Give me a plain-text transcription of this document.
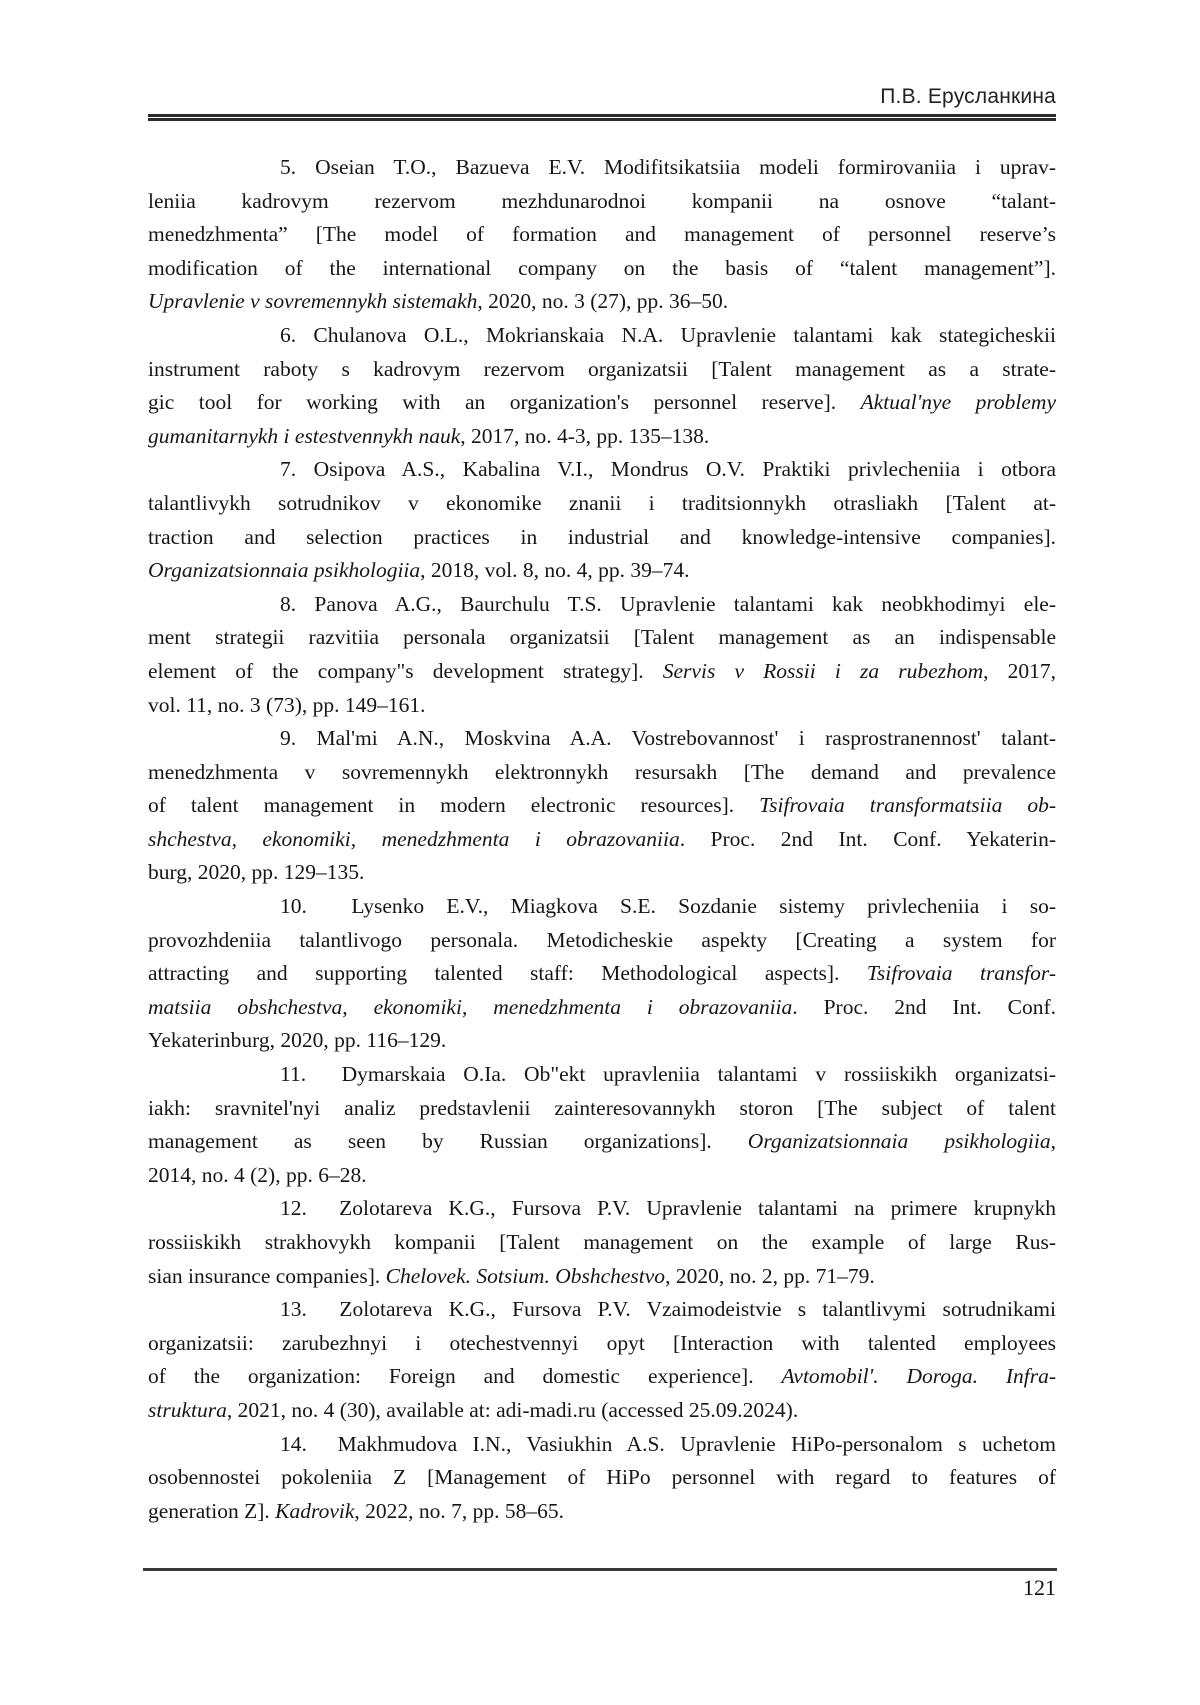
П.В. Ерусланкина
5. Oseian T.O., Bazueva E.V. Modifitsikatsiia modeli formirovaniia i uprav-
leniia kadrovym rezervom mezhdunarodnoi kompanii na osnove “talant-
menedzhmenta” [The model of formation and management of personnel reserve’s
modification of the international company on the basis of “talent management”].
Upravlenie v sovremennykh sistemakh, 2020, no. 3 (27), pp. 36–50.
6. Chulanova O.L., Mokrianskaia N.A. Upravlenie talantami kak stategicheskii
instrument raboty s kadrovym rezervom organizatsii [Talent management as a strate-
gic tool for working with an organization's personnel reserve]. Aktual'nye problemy
gumanitarnykh i estestvennykh nauk, 2017, no. 4-3, pp. 135–138.
7. Osipova A.S., Kabalina V.I., Mondrus O.V. Praktiki privlecheniia i otbora
talantlivykh sotrudnikov v ekonomike znanii i traditsionnykh otrasliakh [Talent at-
traction and selection practices in industrial and knowledge-intensive companies].
Organizatsionnaia psikhologiia, 2018, vol. 8, no. 4, pp. 39–74.
8. Panova A.G., Baurchulu T.S. Upravlenie talantami kak neobkhodimyi ele-
ment strategii razvitiia personala organizatsii [Talent management as an indispensable
element of the company"s development strategy]. Servis v Rossii i za rubezhom, 2017,
vol. 11, no. 3 (73), pp. 149–161.
9. Mal'mi A.N., Moskvina A.A. Vostrebovannost' i rasprostranennost' talant-
menedzhmenta v sovremennykh elektronnykh resursakh [The demand and prevalence
of talent management in modern electronic resources]. Tsifrovaia transformatsiia ob-
shchestva, ekonomiki, menedzhmenta i obrazovaniia. Proc. 2nd Int. Conf. Yekaterin-
burg, 2020, pp. 129–135.
10.  Lysenko E.V., Miagkova S.E. Sozdanie sistemy privlecheniia i so-
provozhdeniia talantlivogo personala. Metodicheskie aspekty [Creating a system for
attracting and supporting talented staff: Methodological aspects]. Tsifrovaia transfor-
matsiia obshchestva, ekonomiki, menedzhmenta i obrazovaniia. Proc. 2nd Int. Conf.
Yekaterinburg, 2020, pp. 116–129.
11.  Dymarskaia O.Ia. Ob"ekt upravleniia talantami v rossiiskikh organizatsi-
iakh: sravnitel'nyi analiz predstavlenii zainteresovannykh storon [The subject of talent
management as seen by Russian organizations]. Organizatsionnaia psikhologiia,
2014, no. 4 (2), pp. 6–28.
12.  Zolotareva K.G., Fursova P.V. Upravlenie talantami na primere krupnykh
rossiiskikh strakhovykh kompanii [Talent management on the example of large Rus-
sian insurance companies]. Chelovek. Sotsium. Obshchestvo, 2020, no. 2, pp. 71–79.
13.  Zolotareva K.G., Fursova P.V. Vzaimodeistvie s talantlivymi sotrudnikami
organizatsii: zarubezhnyi i otechestvennyi opyt [Interaction with talented employees
of the organization: Foreign and domestic experience]. Avtomobil'. Doroga. Infra-
struktura, 2021, no. 4 (30), available at: adi-madi.ru (accessed 25.09.2024).
14.  Makhmudova I.N., Vasiukhin A.S. Upravlenie HiPo-personalom s uchetom
osobennostei pokoleniia Z [Management of HiPo personnel with regard to features of
generation Z]. Kadrovik, 2022, no. 7, pp. 58–65.
121
